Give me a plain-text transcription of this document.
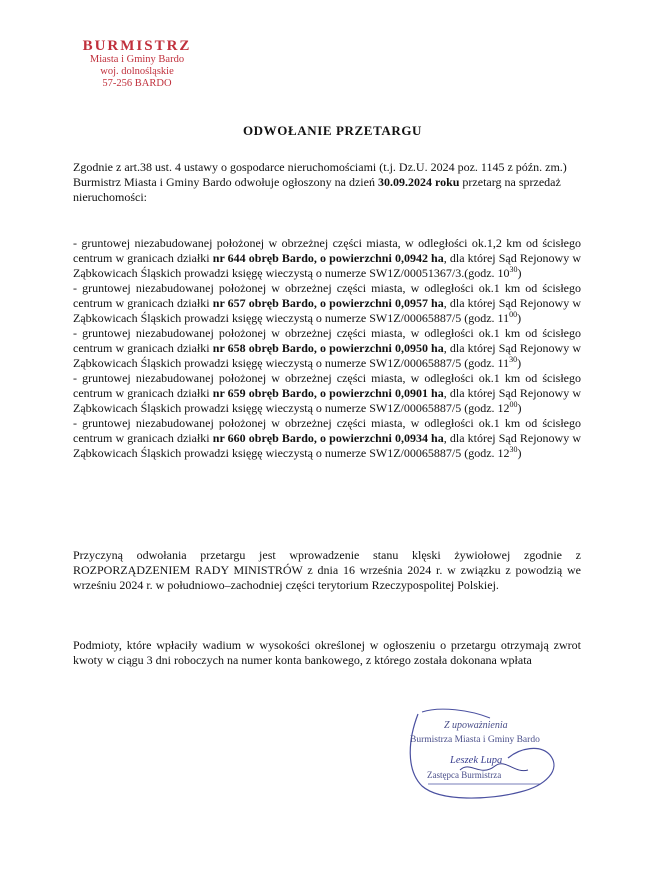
BURMISTRZ
Miasta i Gminy Bardo
woj. dolnośląskie
57-256 BARDO
ODWOŁANIE PRZETARGU

Zgodnie z art.38 ust. 4 ustawy o gospodarce nieruchomościami (t.j. Dz.U. 2024 poz. 1145 z późn. zm.) Burmistrz Miasta i Gminy Bardo odwołuje ogłoszony na dzień 30.09.2024 roku przetarg na sprzedaż nieruchomości:

- gruntowej niezabudowanej położonej w obrzeżnej części miasta, w odległości ok.1,2 km od ścisłego centrum w granicach działki nr 644 obręb Bardo, o powierzchni 0,0942 ha, dla której Sąd Rejonowy w Ząbkowicach Śląskich prowadzi księgę wieczystą o numerze SW1Z/00051367/3.(godz. $10^{30}$)

- gruntowej niezabudowanej położonej w obrzeżnej części miasta, w odległości ok.1 km od ścisłego centrum w granicach działki nr 657 obręb Bardo, o powierzchni 0,0957 ha, dla której Sąd Rejonowy w Ząbkowicach Śląskich prowadzi księgę wieczystą o numerze SW1Z/00065887/5 (godz. $11^{00}$)

- gruntowej niezabudowanej położonej w obrzeżnej części miasta, w odległości ok.1 km od ścisłego centrum w granicach działki nr 658 obręb Bardo, o powierzchni 0,0950 ha, dla której Sąd Rejonowy w Ząbkowicach Śląskich prowadzi księgę wieczystą o numerze SW1Z/00065887/5 (godz. $11^{30}$)

- gruntowej niezabudowanej położonej w obrzeżnej części miasta, w odległości ok.1 km od ścisłego centrum w granicach działki nr 659 obręb Bardo, o powierzchni 0,0901 ha, dla której Sąd Rejonowy w Ząbkowicach Śląskich prowadzi księgę wieczystą o numerze SW1Z/00065887/5 (godz. $12^{00}$)

- gruntowej niezabudowanej położonej w obrzeżnej części miasta, w odległości ok.1 km od ścisłego centrum w granicach działki nr 660 obręb Bardo, o powierzchni 0,0934 ha, dla której Sąd Rejonowy w Ząbkowicach Śląskich prowadzi księgę wieczystą o numerze SW1Z/00065887/5 (godz. $12^{30}$)

Przyczyną odwołania przetargu jest wprowadzenie stanu klęski żywiołowej zgodnie z ROZPORZĄDZENIEM RADY MINISTRÓW z dnia 16 września 2024 r. w związku z powodzią we wrześniu 2024 r. w południowo–zachodniej części terytorium Rzeczypospolitej Polskiej.
Podmioty, które wpłaciły wadium w wysokości określonej w ogłoszeniu o przetargu otrzymają zwrot kwoty w ciągu 3 dni roboczych na numer konta bankowego, z którego została dokonana wpłata
Z upoważnienia
Burmistrza Miasta i Gminy Bardo
Leszek Lupa
Zastępca Burmistrza
